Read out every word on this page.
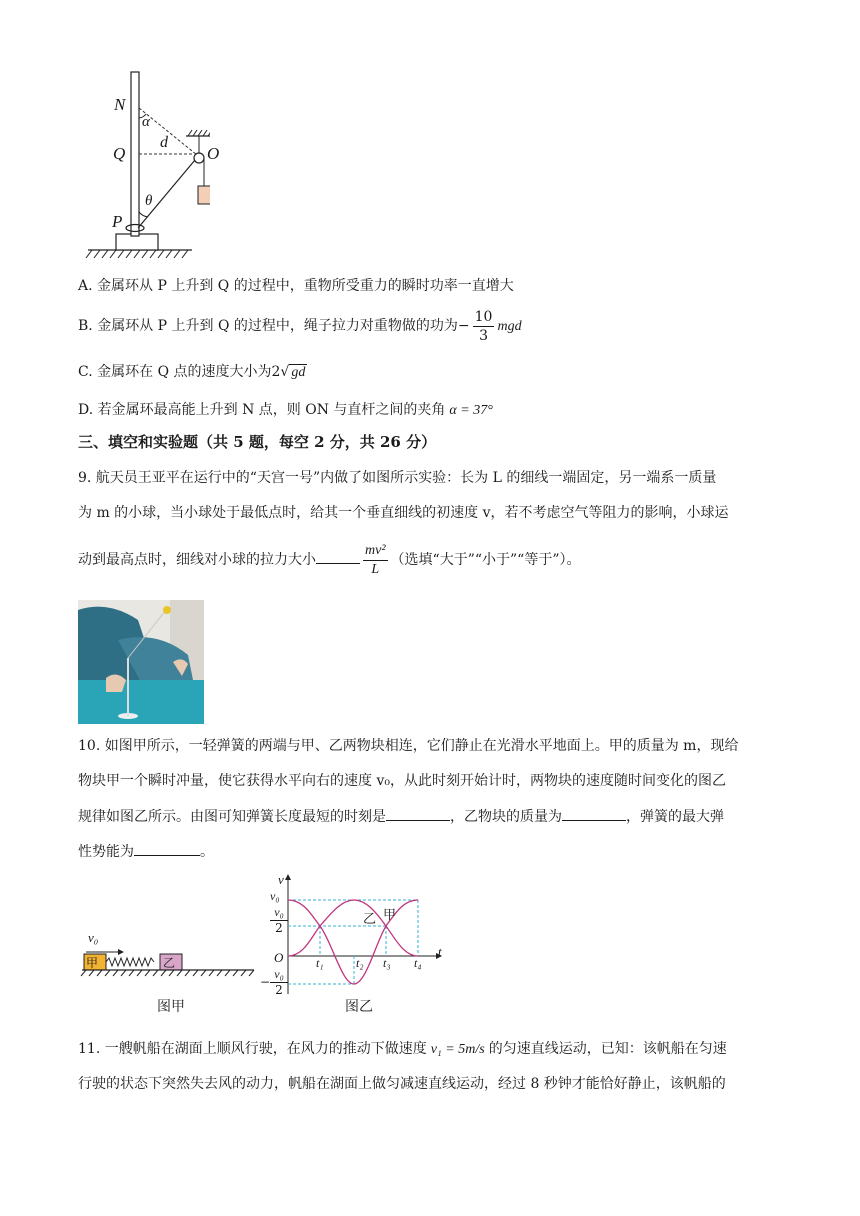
N
α
Q
d
O
P
θ
A. 金属环从 P 上升到 Q 的过程中，重物所受重力的瞬时功率一直增大
B. 金属环从 P 上升到 Q 的过程中，绳子拉力对重物做的功为− $\frac{10}{3}$ mgd
C. 金属环在 Q 点的速度大小为2√ gd
D. 若金属环最高能上升到 N 点，则 ON 与直杆之间的夹角 α = 37°
三、填空和实验题（共 5 题，每空 2 分，共 26 分）
9. 航天员王亚平在运行中的“天宫一号”内做了如图所示实验：长为 L 的细线一端固定，另一端系一质量
为 m 的小球，当小球处于最低点时，给其一个垂直细线的初速度 v，若不考虑空气等阻力的影响，小球运
动到最高点时，细线对小球的拉力大小	$\frac{\text{mv²}}{L}$ （选填“大于”“小于”“等于”）。
10. 如图甲所示，一轻弹簧的两端与甲、乙两物块相连，它们静止在光滑水平地面上。甲的质量为 m，现给
物块甲一个瞬时冲量，使它获得水平向右的速度 v₀，从此时刻开始计时，两物块的速度随时间变化的图乙
规律如图乙所示。由图可知弹簧长度最短的时刻是	，乙物块的质量为	，弹簧的最大弹
性势能为	。
v₀
甲	乙
图甲
v
t
O
v₀
$\frac{\text{v₀}}{2}$
− $\frac{\text{v₀}}{2}$
t₁	t₂ t₃ t₄
乙 甲
图乙
11. 一艘帆船在湖面上顺风行驶，在风力的推动下做速度 v₁ = 5m/s 的匀速直线运动，已知：该帆船在匀速
行驶的状态下突然失去风的动力，帆船在湖面上做匀减速直线运动，经过 8 秒钟才能恰好静止，该帆船的
